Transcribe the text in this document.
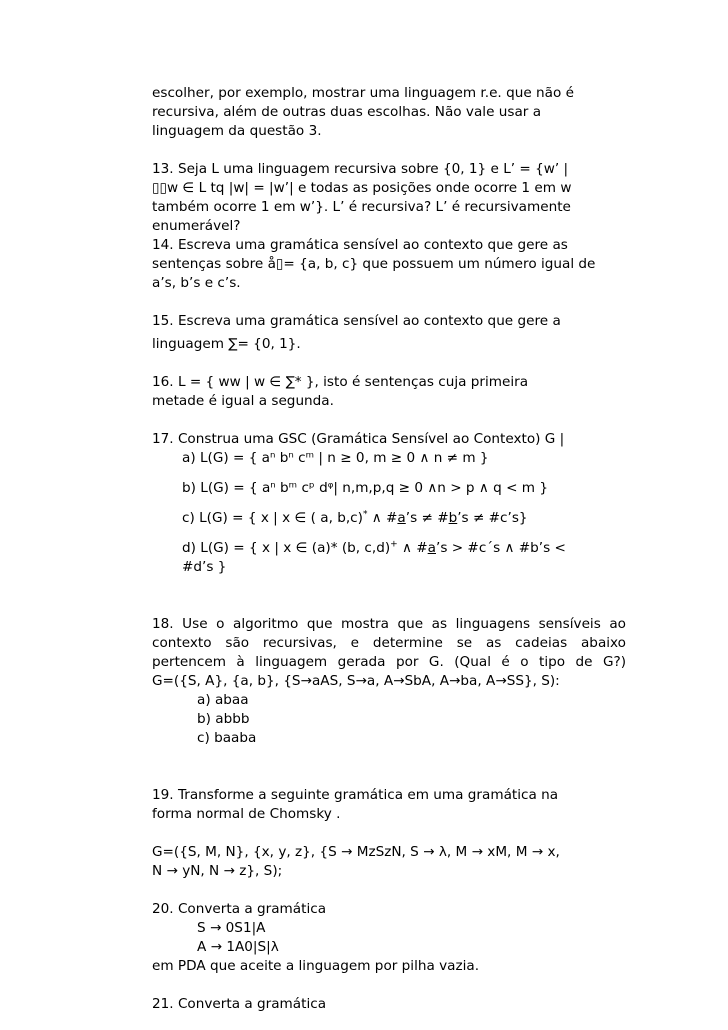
escolher, por exemplo, mostrar uma linguagem r.e. que não é
recursiva, além de outras duas escolhas. Não vale usar a
linguagem da questão 3.
13. Seja L uma linguagem recursiva sobre {0, 1} e L’ = {w’ |
▯▯w ∈ L tq |w| = |w’| e todas as posições onde ocorre 1 em w
também ocorre 1 em w’}. L’ é recursiva? L’ é recursivamente
enumerável?
14. Escreva uma gramática sensível ao contexto que gere as
sentenças sobre å▯= {a, b, c} que possuem um número igual de
a’s, b’s e c’s.
15. Escreva uma gramática sensível ao contexto que gere a
linguagem ∑= {0, 1}.
16. L = { ww | w ∈ ∑* }, isto é sentenças cuja primeira
metade é igual a segunda.
17. Construa uma GSC (Gramática Sensível ao Contexto) G |
a) L(G) = { aⁿ bⁿ cᵐ | n ≥ 0, m ≥ 0 ∧ n ≠ m }
b) L(G) = { aⁿ bᵐ cᵖ dᵠ| n,m,p,q ≥ 0 ∧n > p ∧ q < m }
c) L(G) = { x | x ∈ ( a, b,c)* ∧ #a’s ≠ #b’s ≠ #c’s}
d) L(G) = { x | x ∈ (a)* (b, c,d)+ ∧ #a’s > #c´s ∧ #b’s <
#d’s }
18. Use o algoritmo que mostra que as linguagens sensíveis ao
contexto são recursivas, e determine se as cadeias abaixo
pertencem à linguagem gerada por G. (Qual é o tipo de G?)
G=({S, A}, {a, b}, {S→aAS, S→a, A→SbA, A→ba, A→SS}, S):
a) abaa
b) abbb
c) baaba
19. Transforme a seguinte gramática em uma gramática na
forma normal de Chomsky .
G=({S, M, N}, {x, y, z}, {S → MzSzN, S → λ, M → xM, M → x,
N → yN, N → z}, S);
20. Converta a gramática
S → 0S1|A
A → 1A0|S|λ
em PDA que aceite a linguagem por pilha vazia.
21. Converta a gramática
